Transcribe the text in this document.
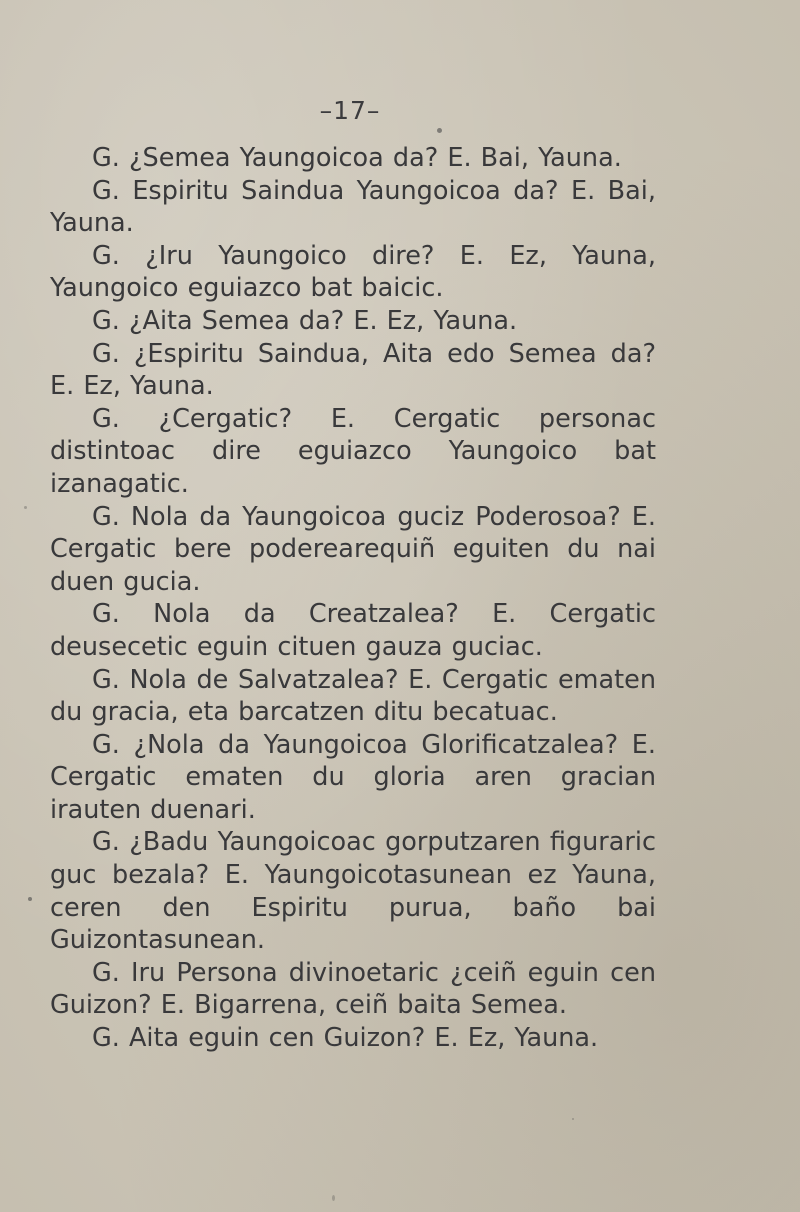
–17–

G. ¿Semea Yaungoicoa da? E. Bai, Yauna.

G. Espiritu Saindua Yaungoicoa da? E. Bai, Yauna.

G. ¿Iru Yaungoico dire? E. Ez, Yauna, Yaungoico eguiazco bat baicic.

G. ¿Aita Semea da? E. Ez, Yauna.

G. ¿Espiritu Saindua, Aita edo Semea da? E. Ez, Yauna.

G. ¿Cergatic? E. Cergatic personac distintoac dire eguiazco Yaungoico bat izanagatic.

G. Nola da Yaungoicoa guciz Poderosoa? E. Cergatic bere poderearequiñ eguiten du nai duen gucia.

G. Nola da Creatzalea? E. Cergatic deusecetic eguin cituen gauza guciac.

G. Nola de Salvatzalea? E. Cergatic ematen du gracia, eta barcatzen ditu becatuac.

G. ¿Nola da Yaungoicoa Glorificatzalea? E. Cergatic ematen du gloria aren gracian irauten duenari.

G. ¿Badu Yaungoicoac gorputzaren figuraric guc bezala? E. Yaungoicotasunean ez Yauna, ceren den Espiritu purua, baño bai Guizontasunean.

G. Iru Persona divinoetaric ¿ceiñ eguin cen Guizon? E. Bigarrena, ceiñ baita Semea.

G. Aita eguin cen Guizon? E. Ez, Yauna.
